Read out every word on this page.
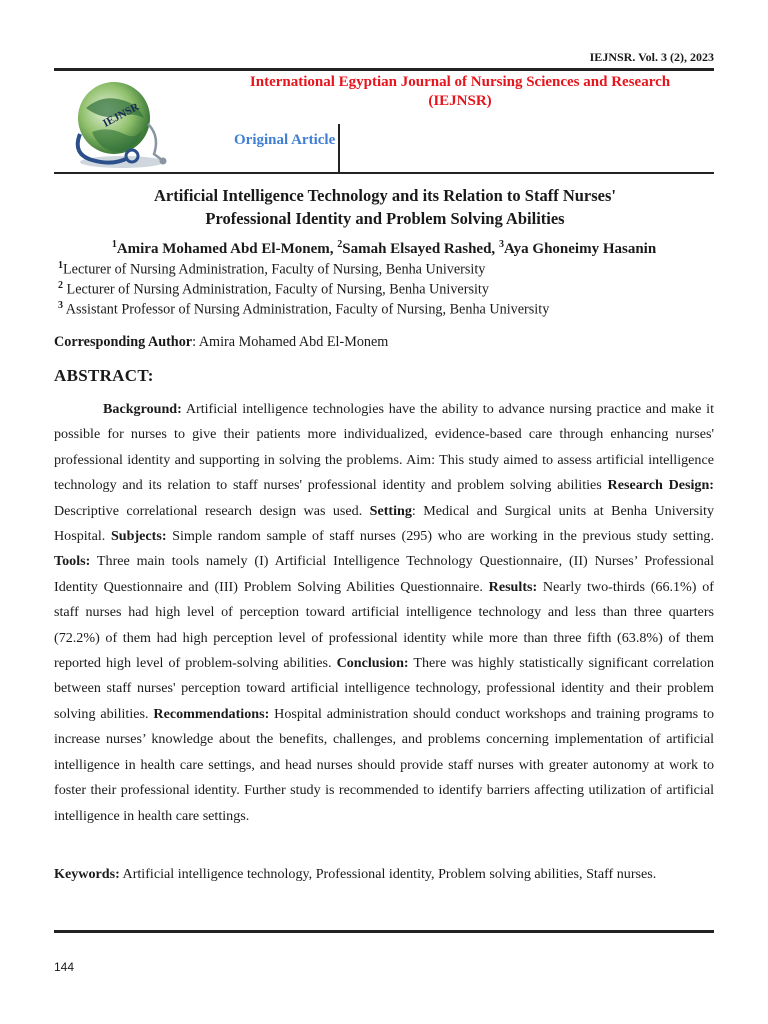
IEJNSR. Vol. 3 (2), 2023
IEJNSR
International Egyptian Journal of Nursing Sciences and Research
(IEJNSR)
Original Article
Artificial Intelligence Technology and its Relation to Staff Nurses'
Professional Identity and Problem Solving Abilities
$^1$Amira Mohamed Abd El-Monem, $^2$Samah Elsayed Rashed, $^3$Aya Ghoneimy Hasanin
$^1$Lecturer of Nursing Administration, Faculty of Nursing, Benha University
$^2$ Lecturer of Nursing Administration, Faculty of Nursing, Benha University
$^3$ Assistant Professor of Nursing Administration, Faculty of Nursing, Benha University
Corresponding Author: Amira Mohamed Abd El-Monem
ABSTRACT:

Background: Artificial intelligence technologies have the ability to advance nursing practice and make it possible for nurses to give their patients more individualized, evidence-based care through enhancing nurses' professional identity and supporting in solving the problems. Aim: This study aimed to assess artificial intelligence technology and its relation to staff nurses' professional identity and problem solving abilities Research Design: Descriptive correlational research design was used. Setting: Medical and Surgical units at Benha University Hospital. Subjects: Simple random sample of staff nurses (295) who are working in the previous study setting. Tools: Three main tools namely (I) Artificial Intelligence Technology Questionnaire, (II) Nurses’ Professional Identity Questionnaire and (III) Problem Solving Abilities Questionnaire. Results: Nearly two-thirds (66.1%) of staff nurses had high level of perception toward artificial intelligence technology and less than three quarters (72.2%) of them had high perception level of professional identity while more than three fifth (63.8%) of them reported high level of problem-solving abilities. Conclusion: There was highly statistically significant correlation between staff nurses' perception toward artificial intelligence technology, professional identity and their problem solving abilities. Recommendations: Hospital administration should conduct workshops and training programs to increase nurses’ knowledge about the benefits, challenges, and problems concerning implementation of artificial intelligence in health care settings, and head nurses should provide staff nurses with greater autonomy at work to foster their professional identity. Further study is recommended to identify barriers affecting utilization of artificial intelligence in health care settings.

Keywords: Artificial intelligence technology, Professional identity, Problem solving abilities, Staff nurses.

144
